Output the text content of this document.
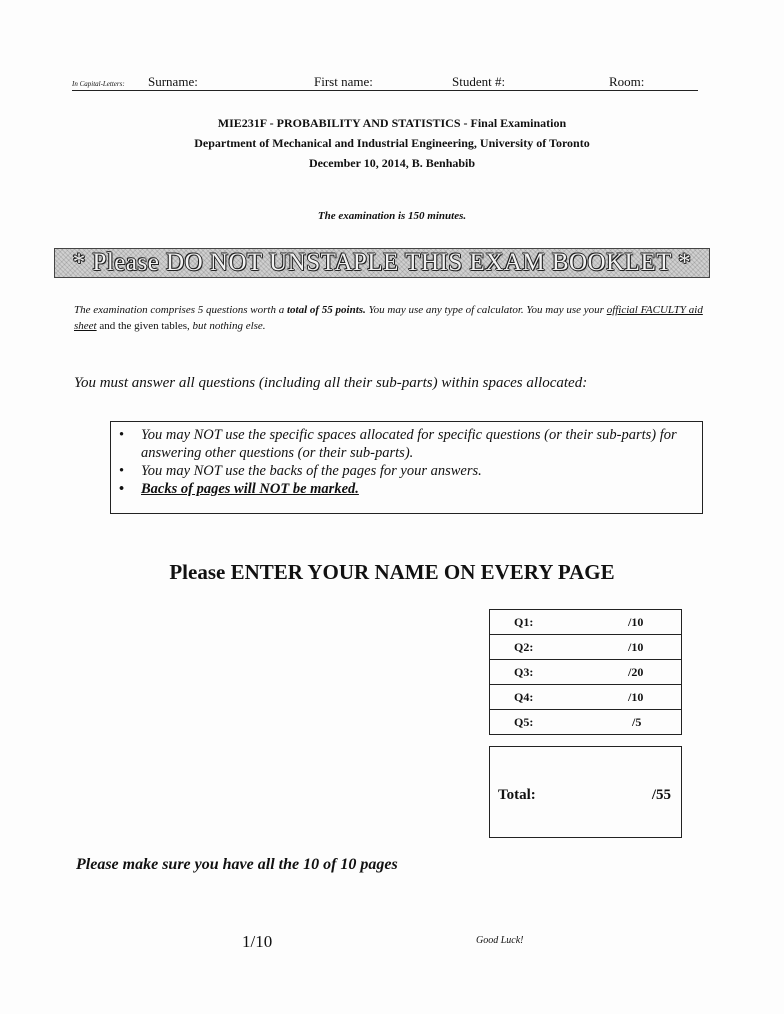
In Capital-Letters: Surname:	First name:	Student #:	Room:
MIE231F - PROBABILITY AND STATISTICS - Final Examination
Department of Mechanical and Industrial Engineering, University of Toronto
December 10, 2014, B. Benhabib
The examination is 150 minutes.
* Please DO NOT UNSTAPLE THIS EXAM BOOKLET *
The examination comprises 5 questions worth a total of 55 points. You may use any type of calculator. You may use your official FACULTY aid sheet and the given tables, but nothing else.
You must answer all questions (including all their sub-parts) within spaces allocated:
• You may NOT use the specific spaces allocated for specific questions (or their sub-parts) for answering other questions (or their sub-parts).
• You may NOT use the backs of the pages for your answers.
• Backs of pages will NOT be marked.
Please ENTER YOUR NAME ON EVERY PAGE
Q1:	/10

Q2:	/10

Q3:	/20

Q4:	/10

Q5:	/5
Total:	/55
Please make sure you have all the 10 of 10 pages
1/10	Good Luck!
